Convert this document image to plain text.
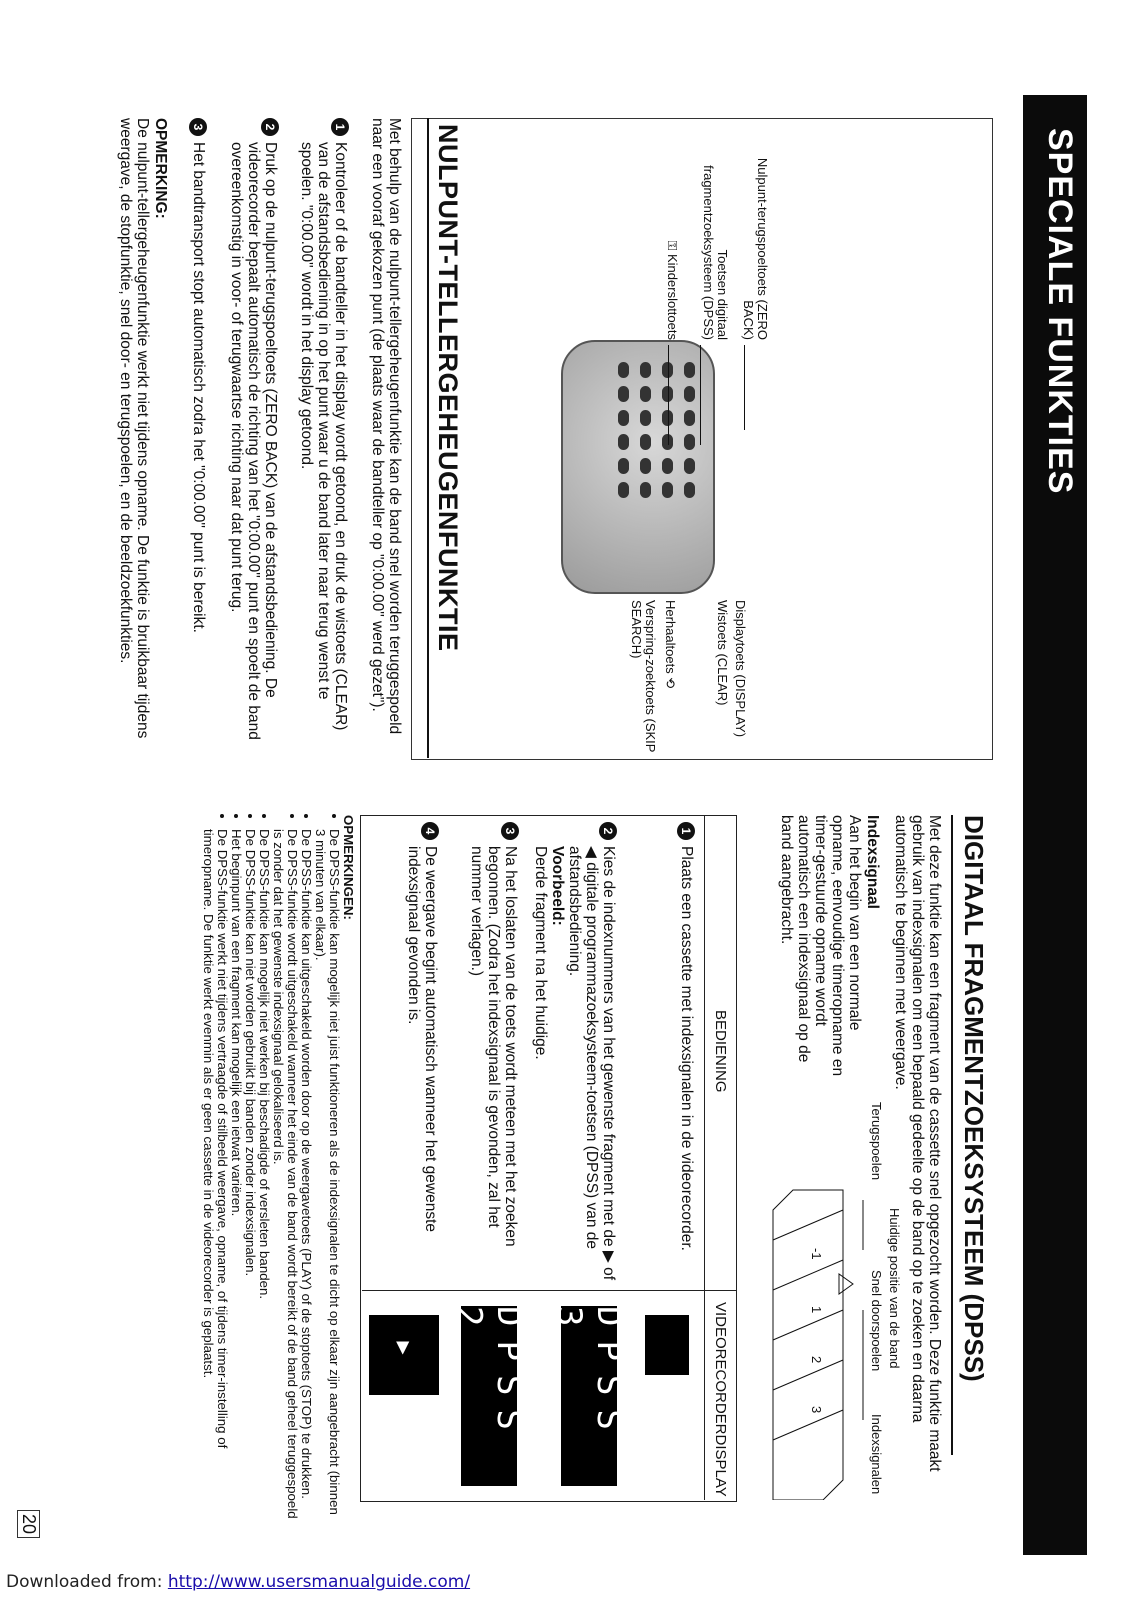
SPECIALE FUNKTIES
20
Nulpunt-terugspoeltoets (ZERO BACK)
Toetsen digitaal fragmentzoeksysteem (DPSS)
⚿ Kinderslottoets
Displaytoets (DISPLAY)
Wistoets (CLEAR)
Herhaaltoets ⟲
Verspring-zoektoets (SKIP SEARCH)
NULPUNT-TELLERGEHEUGENFUNKTIE
Met behulp van de nulpunt-tellergeheugenfunktie kan de band snel worden teruggespoeld naar een vooraf gekozen punt (de plaats waar de bandteller op "0:00.00" werd gezet").
1
Kontroleer of de bandteller in het display wordt getoond, en druk de wistoets (CLEAR) van de afstandsbediening in op het punt waar u de band later naar terug wenst te spoelen. "0:00.00" wordt in het display getoond.
2
Druk op de nulpunt-terugspoeltoets (ZERO BACK) van de afstandsbediening. De videorecorder bepaalt automatisch de richting van het "0:00.00" punt en spoelt de band overeenkomstig in voor- of terugwaartse richting naar dat punt terug.
3
Het bandtransport stopt automatisch zodra het "0:00.00" punt is bereikt.
OPMERKING:
De nulpunt-tellergeheugenfunktie werkt niet tijdens opname. De funktie is bruikbaar tijdens weergave, de stopfunktie, snel door- en terugspoelen, en de beeldzoekfunkties.
DIGITAAL FRAGMENTZOEKSYSTEEM (DPSS)
Met deze funktie kan een fragment van de cassette snel opgezocht worden. Deze funktie maakt gebruik van indexsignalen om een bepaald gedeelte op de band op te zoeken en daarna automatisch te beginnen met weergave.
Indexsignaal
Aan het begin van een normale opname, eenvoudige timeropname en timer-gestuurde opname wordt automatisch een indexsignaal op de band aangebracht.
Huidige positie van de band
Terugspoelen
Snel doorspoelen
Indexsignalen
-1
1
2
3
BEDIENING
VIDEORECORDERDISPLAY
1
Plaats een cassette met indexsignalen in de videorecorder.
2
Kies de indexnummers van het gewenste fragment met de ▶ of ◀ digitale programmazoeksysteem-toetsen (DPSS) van de afstandsbediening.
Voorbeeld:
Derde fragment na het huidige.
3
Na het loslaten van de toets wordt meteen met het zoeken begonnen. (Zodra het indexsignaal is gevonden, zal het nummer verlagen.)
4
De weergave begint automatisch wanneer het gewenste indexsignaal gevonden is.
DPSS 3
DPSS 2
▶
OPMERKINGEN:
• De DPSS-funktie kan mogelijk niet juist funktioneren als de indexsignalen te dicht op elkaar zijn aangebracht (binnen 3 minuten van elkaar).
• De DPSS-funktie kan uitgeschakeld worden door op de weergavetoets (PLAY) of de stoptoets (STOP) te drukken.
• De DPSS-funktie wordt uitgeschakeld wanneer het einde van de band wordt bereikt of de band geheel teruggespoeld is zonder dat het gewenste indexsignaal gelokaliseerd is.
• De DPSS-funktie kan mogelijk niet werken bij beschadigde of versleten banden.
• De DPSS-funktie kan niet worden gebruikt bij banden zonder indexsignalen.
• Het beginpunt van een fragment kan mogelijk een ietwat variëren.
• De DPSS-funktie werkt niet tijdens vertraagde of stilbeeld weergave, opname, of tijdens timer-instelling of timeropname. De funktie werkt evenmin als er geen cassette in de videorecorder is geplaatst.
Downloaded from: http://www.usersmanualguide.com/
